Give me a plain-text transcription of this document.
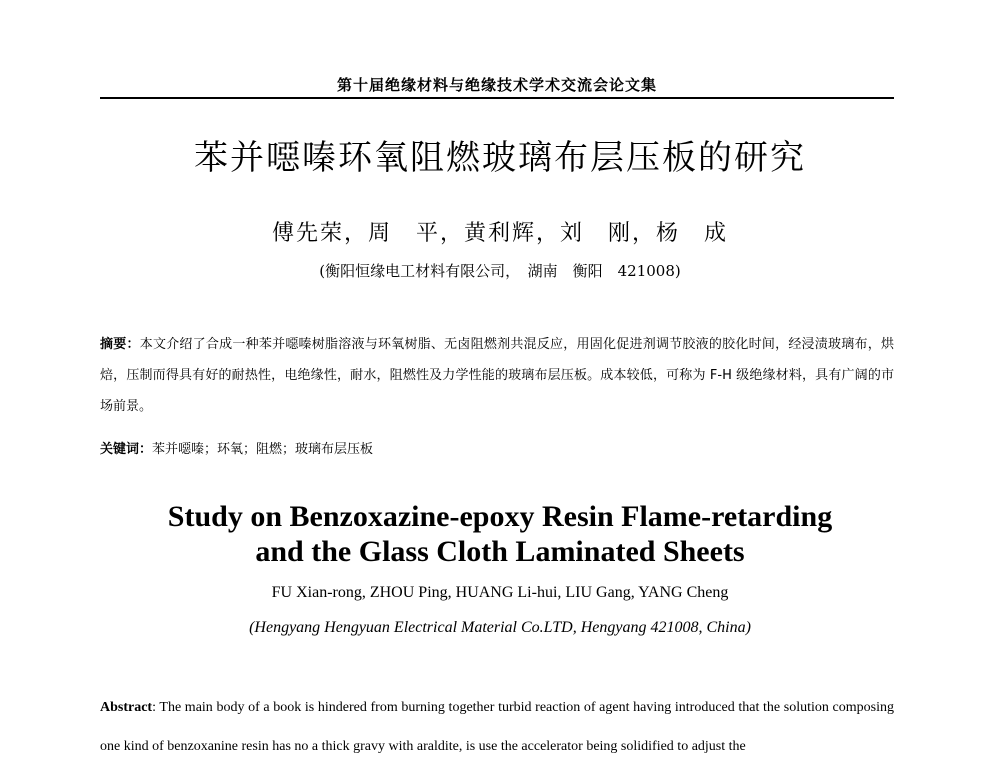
第十届绝缘材料与绝缘技术学术交流会论文集
苯并噁嗪环氧阻燃玻璃布层压板的研究
傅先荣，周　平，黄利辉，刘　刚，杨　成
(衡阳恒缘电工材料有限公司，　湖南　衡阳　421008)
摘要：本文介绍了合成一种苯并噁嗪树脂溶液与环氧树脂、无卤阻燃剂共混反应，用固化促进剂调节胶液的胶化时间，经浸渍玻璃布，烘焙，压制而得具有好的耐热性，电绝缘性，耐水，阻燃性及力学性能的玻璃布层压板。成本较低，可称为 F-H 级绝缘材料，具有广阔的市场前景。
关键词：苯并噁嗪；环氧；阻燃；玻璃布层压板
Study on Benzoxazine-epoxy Resin Flame-retarding
and the Glass Cloth Laminated Sheets
FU Xian-rong, ZHOU Ping, HUANG Li-hui, LIU Gang, YANG Cheng
(Hengyang Hengyuan Electrical Material Co.LTD, Hengyang 421008, China)
Abstract: The main body of a book is hindered from burning together turbid reaction of agent having introduced that the solution composing one kind of benzoxanine resin has no a thick gravy with araldite, is use the accelerator being solidified to adjust the
